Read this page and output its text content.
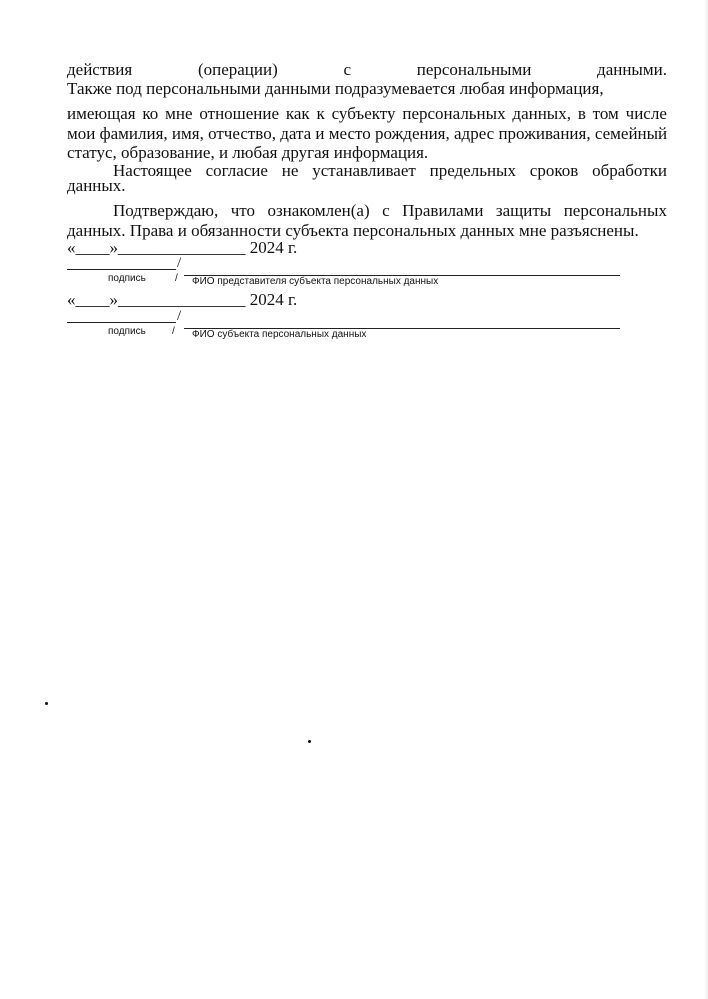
действия	(операции)	с	персональными	данными.
Также под персональными данными подразумевается любая информация,
имеющая ко мне отношение как к субъекту персональных данных, в том числе
мои фамилия, имя, отчество, дата и место рождения, адрес проживания, семейный
статус, образование, и любая другая информация.
Настоящее согласие не устанавливает предельных сроков обработки
данных.
Подтверждаю, что ознакомлен(а) с Правилами защиты персональных
данных. Права и обязанности субъекта персональных данных мне разъяснены.
«____»_______________ 2024 г.
/
подпись	/ ФИО представителя субъекта персональных данных
«____»_______________ 2024 г.
/
подпись	/ ФИО субъекта персональных данных
